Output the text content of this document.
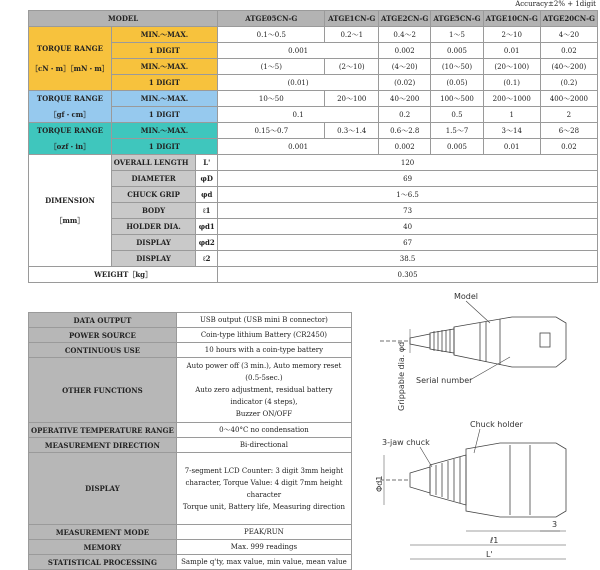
Accuracy±2% + 1digit
MODEL			ATGE05CN-G	ATGE1CN-G	ATGE2CN-G	ATGE5CN-G	ATGE10CN-G	ATGE20CN-G

TORQUE RANGE
［cN・m］［mN・m］	MIN.～MAX.		0.1～0.5	0.2～1	0.4～2	1～5	2～10	4～20
	1 DIGIT		0.001		0.002	0.005	0.01	0.02
	MIN.～MAX.		(1～5)	(2～10)	(4～20)	(10～50)	(20～100)	(40～200)
	1 DIGIT		(0.01)		(0.02)	(0.05)	(0.1)	(0.2)

TORQUE RANGE
［gf・cm］	MIN.～MAX.		10～50	20～100	40～200	100～500	200～1000	400～2000
	1 DIGIT		0.1		0.2	0.5	1	2

TORQUE RANGE
［ozf・in］	MIN.～MAX.		0.15～0.7	0.3～1.4	0.6～2.8	1.5～7	3～14	6～28
	1 DIGIT		0.001		0.002	0.005	0.01	0.02

DIMENSION
［mm］	OVERALL LENGTH	L'	120					
	DIAMETER	φD	69					
	CHUCK GRIP	φd	1～6.5					
	BODY	ℓ1	73					
	HOLDER DIA.	φd1	40					
	DISPLAY	φd2	67					
	DISPLAY	ℓ2	38.5					
WEIGHT［kg］			0.305					
DATA OUTPUT	USB output (USB mini B connector)
POWER SOURCE	Coin-type lithium Battery (CR2450)
CONTINUOUS USE	10 hours with a coin-type battery
OTHER FUNCTIONS	Auto power off (3 min.), Auto memory reset (0.5-5sec.)
Auto zero adjustment, residual battery indicator (4 steps),
Buzzer ON/OFF

OPERATIVE TEMPERATURE RANGE	0～40°C no condensation
MEASUREMENT DIRECTION	Bi-directional
DISPLAY	7-segment LCD Counter: 3 digit 3mm height
character, Torque Value: 4 digit 7mm height character
Torque unit, Battery life, Measuring direction

MEASUREMENT MODE	PEAK/RUN
MEMORY	Max. 999 readings
STATISTICAL PROCESSING	Sample q'ty, max value, min value, mean value
Model
Grippable dia. φd Serial number
Chuck holder
3-jaw chuck
Φd1
3
ℓ1
L'
